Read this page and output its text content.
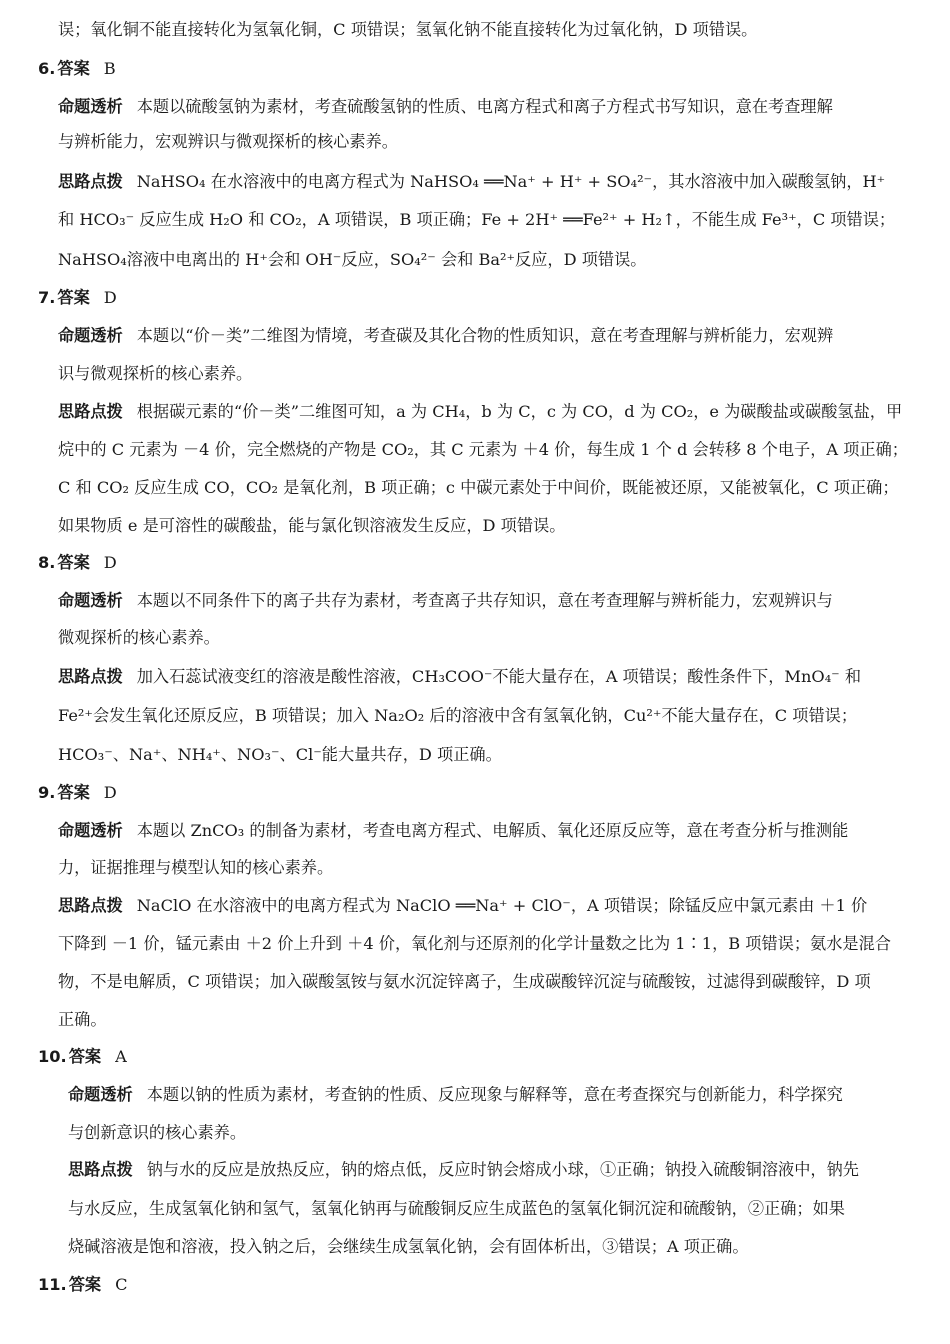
误；氧化铜不能直接转化为氢氧化铜，C 项错误；氢氧化钠不能直接转化为过氧化钠，D 项错误。
6. 答案 B
命题透析 本题以硫酸氢钠为素材，考查硫酸氢钠的性质、电离方程式和离子方程式书写知识，意在考查理解
与辨析能力，宏观辨识与微观探析的核心素养。
思路点拨 NaHSO₄ 在水溶液中的电离方程式为 NaHSO₄ ══Na⁺ + H⁺ + SO₄²⁻，其水溶液中加入碳酸氢钠，H⁺
和 HCO₃⁻ 反应生成 H₂O 和 CO₂，A 项错误，B 项正确；Fe + 2H⁺ ══Fe²⁺ + H₂↑，不能生成 Fe³⁺，C 项错误；
NaHSO₄溶液中电离出的 H⁺会和 OH⁻反应，SO₄²⁻ 会和 Ba²⁺反应，D 项错误。
7. 答案 D
命题透析 本题以“价－类”二维图为情境，考查碳及其化合物的性质知识，意在考查理解与辨析能力，宏观辨
识与微观探析的核心素养。
思路点拨 根据碳元素的“价－类”二维图可知，a 为 CH₄，b 为 C，c 为 CO，d 为 CO₂，e 为碳酸盐或碳酸氢盐，甲
烷中的 C 元素为 －4 价，完全燃烧的产物是 CO₂，其 C 元素为 ＋4 价，每生成 1 个 d 会转移 8 个电子，A 项正确；
C 和 CO₂ 反应生成 CO，CO₂ 是氧化剂，B 项正确；c 中碳元素处于中间价，既能被还原，又能被氧化，C 项正确；
如果物质 e 是可溶性的碳酸盐，能与氯化钡溶液发生反应，D 项错误。
8. 答案 D
命题透析 本题以不同条件下的离子共存为素材，考查离子共存知识，意在考查理解与辨析能力，宏观辨识与
微观探析的核心素养。
思路点拨 加入石蕊试液变红的溶液是酸性溶液，CH₃COO⁻不能大量存在，A 项错误；酸性条件下，MnO₄⁻ 和
Fe²⁺会发生氧化还原反应，B 项错误；加入 Na₂O₂ 后的溶液中含有氢氧化钠，Cu²⁺不能大量存在，C 项错误；
HCO₃⁻、Na⁺、NH₄⁺、NO₃⁻、Cl⁻能大量共存，D 项正确。
9. 答案 D
命题透析 本题以 ZnCO₃ 的制备为素材，考查电离方程式、电解质、氧化还原反应等，意在考查分析与推测能
力，证据推理与模型认知的核心素养。
思路点拨 NaClO 在水溶液中的电离方程式为 NaClO ══Na⁺ + ClO⁻，A 项错误；除锰反应中氯元素由 ＋1 价
下降到 －1 价，锰元素由 ＋2 价上升到 ＋4 价，氧化剂与还原剂的化学计量数之比为 1∶1，B 项错误；氨水是混合
物，不是电解质，C 项错误；加入碳酸氢铵与氨水沉淀锌离子，生成碳酸锌沉淀与硫酸铵，过滤得到碳酸锌，D 项
正确。
10. 答案 A
命题透析 本题以钠的性质为素材，考查钠的性质、反应现象与解释等，意在考查探究与创新能力，科学探究
与创新意识的核心素养。
思路点拨 钠与水的反应是放热反应，钠的熔点低，反应时钠会熔成小球，①正确；钠投入硫酸铜溶液中，钠先
与水反应，生成氢氧化钠和氢气，氢氧化钠再与硫酸铜反应生成蓝色的氢氧化铜沉淀和硫酸钠，②正确；如果
烧碱溶液是饱和溶液，投入钠之后，会继续生成氢氧化钠，会有固体析出，③错误；A 项正确。
11. 答案 C
